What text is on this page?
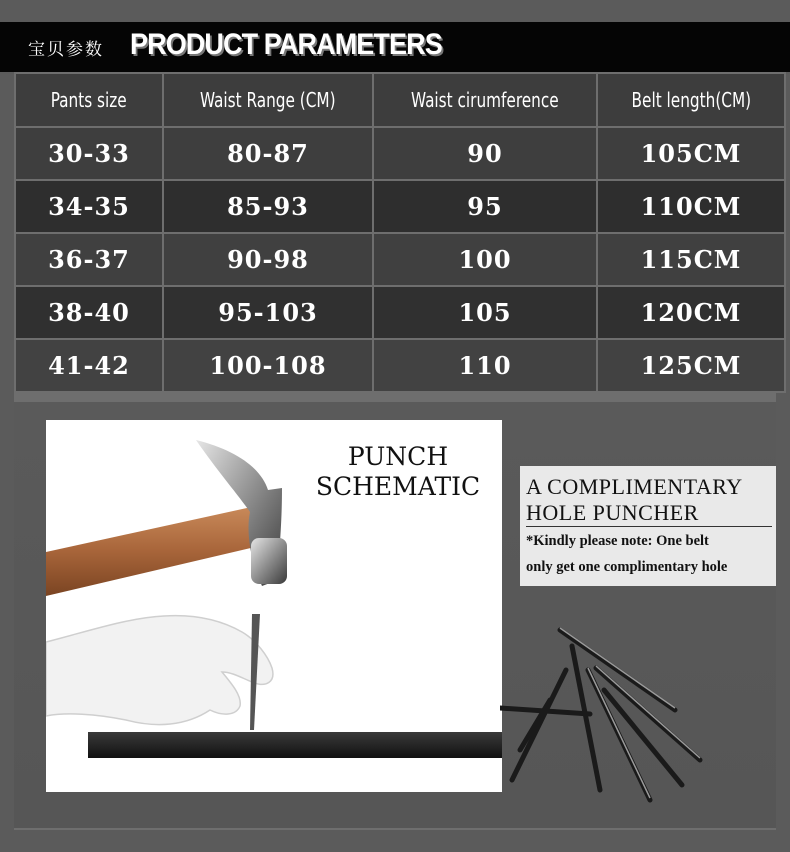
宝贝参数 PRODUCT PARAMETERS
Pants size	Waist Range (CM)	Waist cirumference	Belt length(CM)
30-33	80-87	90	105CM
34-35	85-93	95	110CM
36-37	90-98	100	115CM
38-40	95-103	105	120CM
41-42	100-108	110	125CM
PUNCH
SCHEMATIC	A COMPLIMENTARY
HOLE PUNCHER
*Kindly please note: One belt
only get one complimentary hole
